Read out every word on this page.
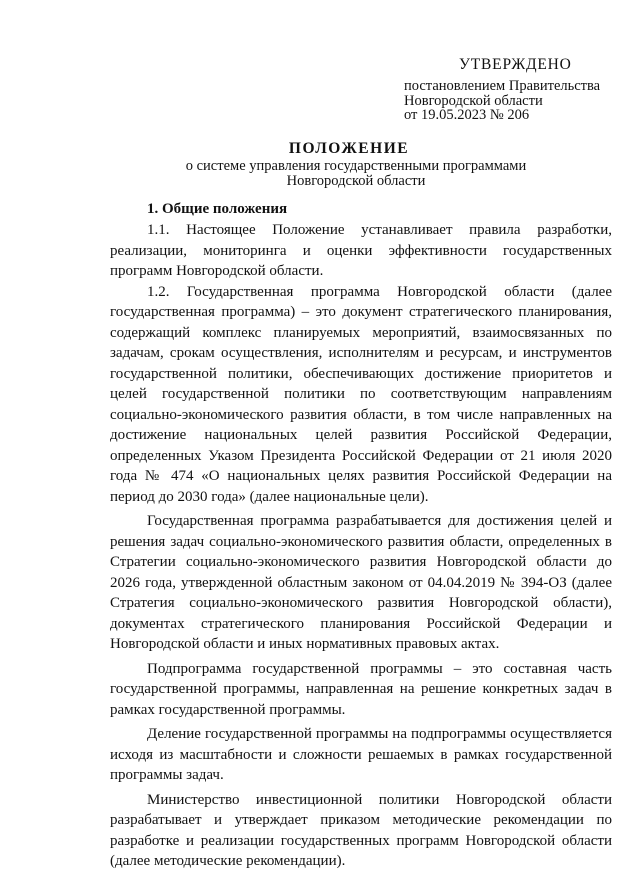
УТВЕРЖДЕНО
постановлением Правительства
Новгородской области
от 19.05.2023 № 206
ПОЛОЖЕНИЕ
о системе управления государственными программами
Новгородской области
1. Общие положения

1.1. Настоящее Положение устанавливает правила разработки, реализации, мониторинга и оценки эффективности государственных программ Новгородской области.

1.2. Государственная программа Новгородской области (далее государственная программа) – это документ стратегического планирования, содержащий комплекс планируемых мероприятий, взаимосвязанных по задачам, срокам осуществления, исполнителям и ресурсам, и инструментов государственной политики, обеспечивающих достижение приоритетов и целей государственной политики по соответствующим направлениям социально-экономического развития области, в том числе направленных на достижение национальных целей развития Российской Федерации, определенных Указом Президента Российской Федерации от 21 июля 2020 года № 474 «О национальных целях развития Российской Федерации на период до 2030 года» (далее национальные цели).

Государственная программа разрабатывается для достижения целей и решения задач социально-экономического развития области, определенных в Стратегии социально-экономического развития Новгородской области до 2026 года, утвержденной областным законом от 04.04.2019 № 394-ОЗ (далее Стратегия социально-экономического развития Новгородской области), документах стратегического планирования Российской Федерации и Новгородской области и иных нормативных правовых актах.

Подпрограмма государственной программы – это составная часть государственной программы, направленная на решение конкретных задач в рамках государственной программы.

Деление государственной программы на подпрограммы осуществляется исходя из масштабности и сложности решаемых в рамках государственной программы задач.

Министерство инвестиционной политики Новгородской области разрабатывает и утверждает приказом методические рекомендации по разработке и реализации государственных программ Новгородской области (далее методические рекомендации).
